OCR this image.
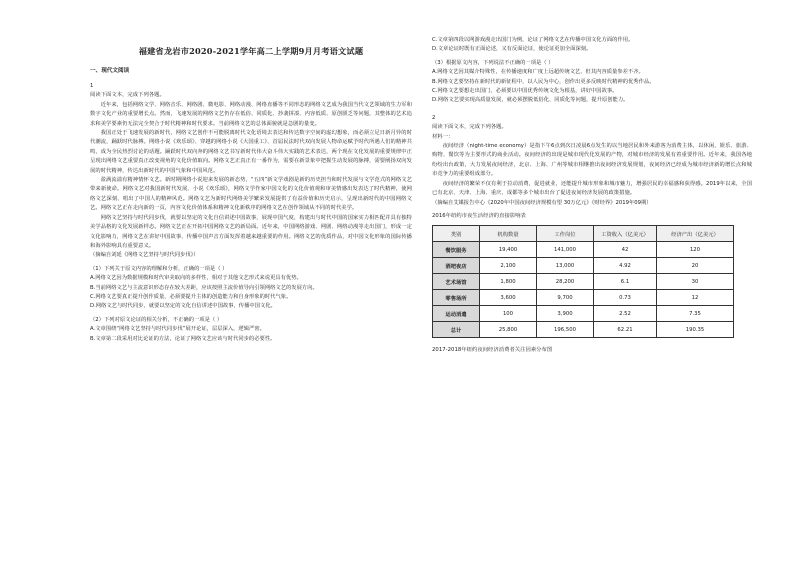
福建省龙岩市2020-2021学年高二上学期9月月考语文试题
一、现代文阅读

1

阅读下面文本，完成下列各题。

近年来，包括网络文学、网络音乐、网络剧、微电影、网络动漫、网络直播等不同形态的网络文艺成为我国当代文艺领域的生力军和数字文化产业的重要增长点。然而，飞速发展的网络文艺仍存在低俗、同质化、抄袭拼凑、内容低质、原创匮乏等问题，其整体的艺术追求和美学要素仍无法完全契合于时代精神和时代要求。当前网络文艺的总体面貌就是急剧的量变。

我国正处于飞速发展的新时代，网络文艺创作不可能脱离时代文化语境去表达和传达数字空间的虚幻想象，而必须立足日新月异的时代潮流，踊跃时代脉搏。网络小说《欢乐颂》、穿越的网络小说《大国重工》、首届民法时代双向发展人物命运赋予时代所遇人们的精神共鸣，成为全民热烈讨论的话题。踊跃时代双向奔的网络文艺书写新时代伟大奋斗伟大实践的艺术表达，两个现在文化发展的重要规律中正呈现出网络文艺重要真正改变视角的文化价值取向。网络文艺正真正有一番作为，需要在新景象中把握生动发展的脉搏，需要阐扬双向发展的时代精神，传达出新时代的中国气象和中国风范。

盈满流溢有精神情怀文艺。新时期网络小说迎来发展的新态势，“五四”新文学戏剧是新的历史担当和时代发展与文学范式的网络文艺带来新使命。网络文艺对我国新时代发展、小说《欢乐颂》，网络文学作家中国文化的文化价值观和审美情感出发表达了时代精神，使网络文艺深刻、唱出了中国人的精神风范。网络文艺为新时代网络美学繁荣发展提供了有益价值和历史启示，呈现出新时代的中国网络文艺。网络文艺正在走向新的一页，内容文化价值体系和精神文化新秩序的网络文艺在创作领域从不同的时代美学。

网络文艺坚持与时代同步伐，就要以坚定的文化自信讲述中国故事，展现中国气度，构建出与时代中国的国家实力相匹配并具有独特美学品格的文化发展新样态。网络文艺正在开拓中国网络文艺的新局面。近年来，中国网络游戏、网剧、网络动漫等走出国门，形成一定文化影响力，网络文艺在讲好中国故事、传播中国声音方面发挥着越来越重要的作用。网络文艺的优质作品，对中国文化形象的国际传播和海外影响具有重要意义。

（摘编自刘延《网络文艺坚持与时代同步伐》）

（1）下列关于原文内容的理解和分析，正确的一项是（ ）

A.网络文艺因为数据规模和时代审美取向的多样性，相对于其他文艺形式来说更具有优势。

B.当前网络文艺与主流意识形态存在较大差距，应该按照主流价值导向引领网络文艺的发展方向。

C.网络文艺要真正提升创作质量，必须要提升主体的创造能力和自身形象的时代气象。

D.网络文艺与时代同步，就要以坚定的文化自信讲述中国故事，传播中国文化。

（2）下列对原文论证的相关分析，不正确的一项是（ ）

A.文章围绕“网络文艺坚持与时代同步伐”展开论证，层层深入，逻辑严密。

B.文章第二段采用对比论证的方法，论证了网络文艺应该与时代同步的必要性。

C.文章第四段以网游戏漫走出国门为例，论证了网络文艺在传播中国文化方面的作用。

D.文章论证时既有正面论述，又有反面论证，使论证更加全面深刻。

（3）根据原文内容，下列说法不正确的一项是（ ）

A.网络文艺因其媒介特殊性，在传播速度和广度上远超传统文艺，但其内容质量参差不齐。

B.网络文艺要坚持在新时代的新征程中，以人民为中心，创作出更多反映时代精神的优秀作品。

C.网络文艺要想走出国门，必须要以中国优秀传统文化为根基，讲好中国故事。

D.网络文艺要实现高质量发展，就必须摆脱低俗化、同质化等问题，提升原创能力。

2

阅读下面文本，完成下列各题。

材料一：

夜间经济（night-time economy）是指下午6点到次日凌晨6点发生的以当地居民和外来游客为消费主体，以休闲、娱乐、旅游、购物、餐饮等为主要形式的商业活动。夜间经济的出现是城市现代化发展的产物，对城市经济的发展有着重要作用。近年来，我国各地纷纷出台政策，大力发展夜间经济，北京、上海、广州等城市相继推出夜间经济发展规划，夜间经济已经成为城市经济新的增长点和城市竞争力的重要组成部分。

夜间经济的繁荣不仅有利于拉动消费，促进就业，还能提升城市形象和城市魅力，增强居民的幸福感和获得感。2019年以来，全国已有北京、天津、上海、重庆、成都等多个城市出台了促进夜间经济发展的政策措施。

（摘编自艾媒报告中心《2020年中国夜间经济规模有望 30万亿元》《财经界》2019年09期）

2016年纽约市夜生活经济的直接影响表

类别	机构数量	工作岗位	工资收入（亿美元）	经济产出（亿美元）
餐饮服务	19,400	141,000	42	120
酒吧夜店	2,100	13,000	4.92	20
艺术场馆	1,800	28,200	6.1	30
零售场所	3,600	9,700	0.73	12
运动消遣	100	3,900	2.52	7.35
总计	25,800	196,500	62.21	190.35

2017-2018年纽约夜间经济消费者关注因素分布图
